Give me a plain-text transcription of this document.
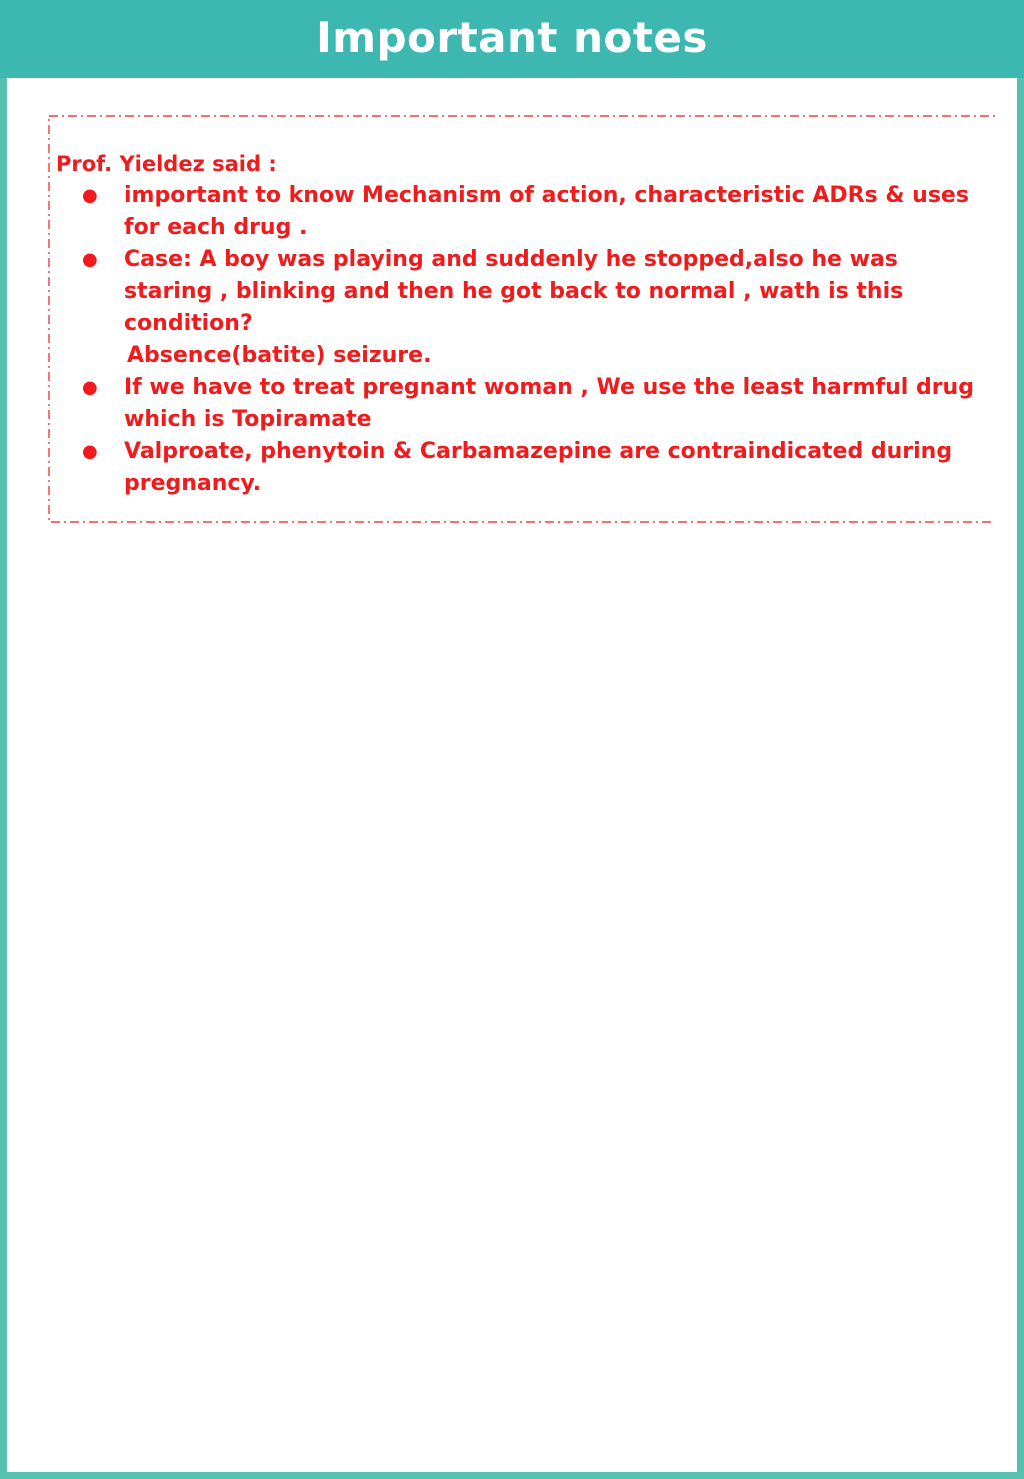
Important notes
Prof. Yieldez said :
● important to know Mechanism of action, characteristic ADRs & uses for each drug .
● Case: A boy was playing and suddenly he stopped,also he was staring , blinking and then he got back to normal , wath is this condition?
Absence(batite) seizure.
● If we have to treat pregnant woman , We use the least harmful drug which is Topiramate
● Valproate, phenytoin & Carbamazepine are contraindicated during pregnancy.
